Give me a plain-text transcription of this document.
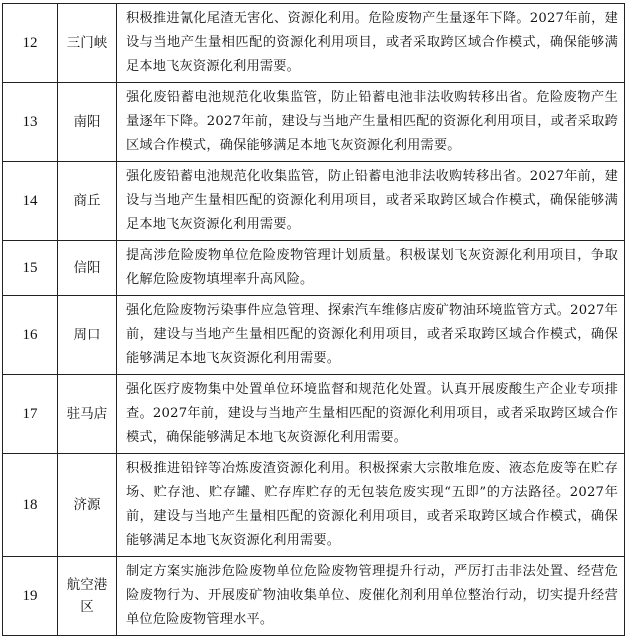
12	三门峡	积极推进氰化尾渣无害化、资源化利用。危险废物产生量逐年下降。2027年前，建设与当地产生量相匹配的资源化利用项目，或者采取跨区域合作模式，确保能够满足本地飞灰资源化利用需要。
13	南阳	强化废铅蓄电池规范化收集监管，防止铅蓄电池非法收购转移出省。危险废物产生量逐年下降。2027年前，建设与当地产生量相匹配的资源化利用项目，或者采取跨区域合作模式，确保能够满足本地飞灰资源化利用需要。
14	商丘	强化废铅蓄电池规范化收集监管，防止铅蓄电池非法收购转移出省。2027年前，建设与当地产生量相匹配的资源化利用项目，或者采取跨区域合作模式，确保能够满足本地飞灰资源化利用需要。
15	信阳	提高涉危险废物单位危险废物管理计划质量。积极谋划飞灰资源化利用项目，争取化解危险废物填埋率升高风险。
16	周口	强化危险废物污染事件应急管理、探索汽车维修店废矿物油环境监管方式。2027年前，建设与当地产生量相匹配的资源化利用项目，或者采取跨区域合作模式，确保能够满足本地飞灰资源化利用需要。
17	驻马店	强化医疗废物集中处置单位环境监督和规范化处置。认真开展废酸生产企业专项排查。2027年前，建设与当地产生量相匹配的资源化利用项目，或者采取跨区域合作模式，确保能够满足本地飞灰资源化利用需要。
18	济源	积极推进铅锌等冶炼废渣资源化利用。积极探索大宗散堆危废、液态危废等在贮存场、贮存池、贮存罐、贮存库贮存的无包装危废实现“五即”的方法路径。2027年前，建设与当地产生量相匹配的资源化利用项目，或者采取跨区域合作模式，确保能够满足本地飞灰资源化利用需要。
19	航空港区	制定方案实施涉危险废物单位危险废物管理提升行动，严厉打击非法处置、经营危险废物行为、开展废矿物油收集单位、废催化剂利用单位整治行动，切实提升经营单位危险废物管理水平。
